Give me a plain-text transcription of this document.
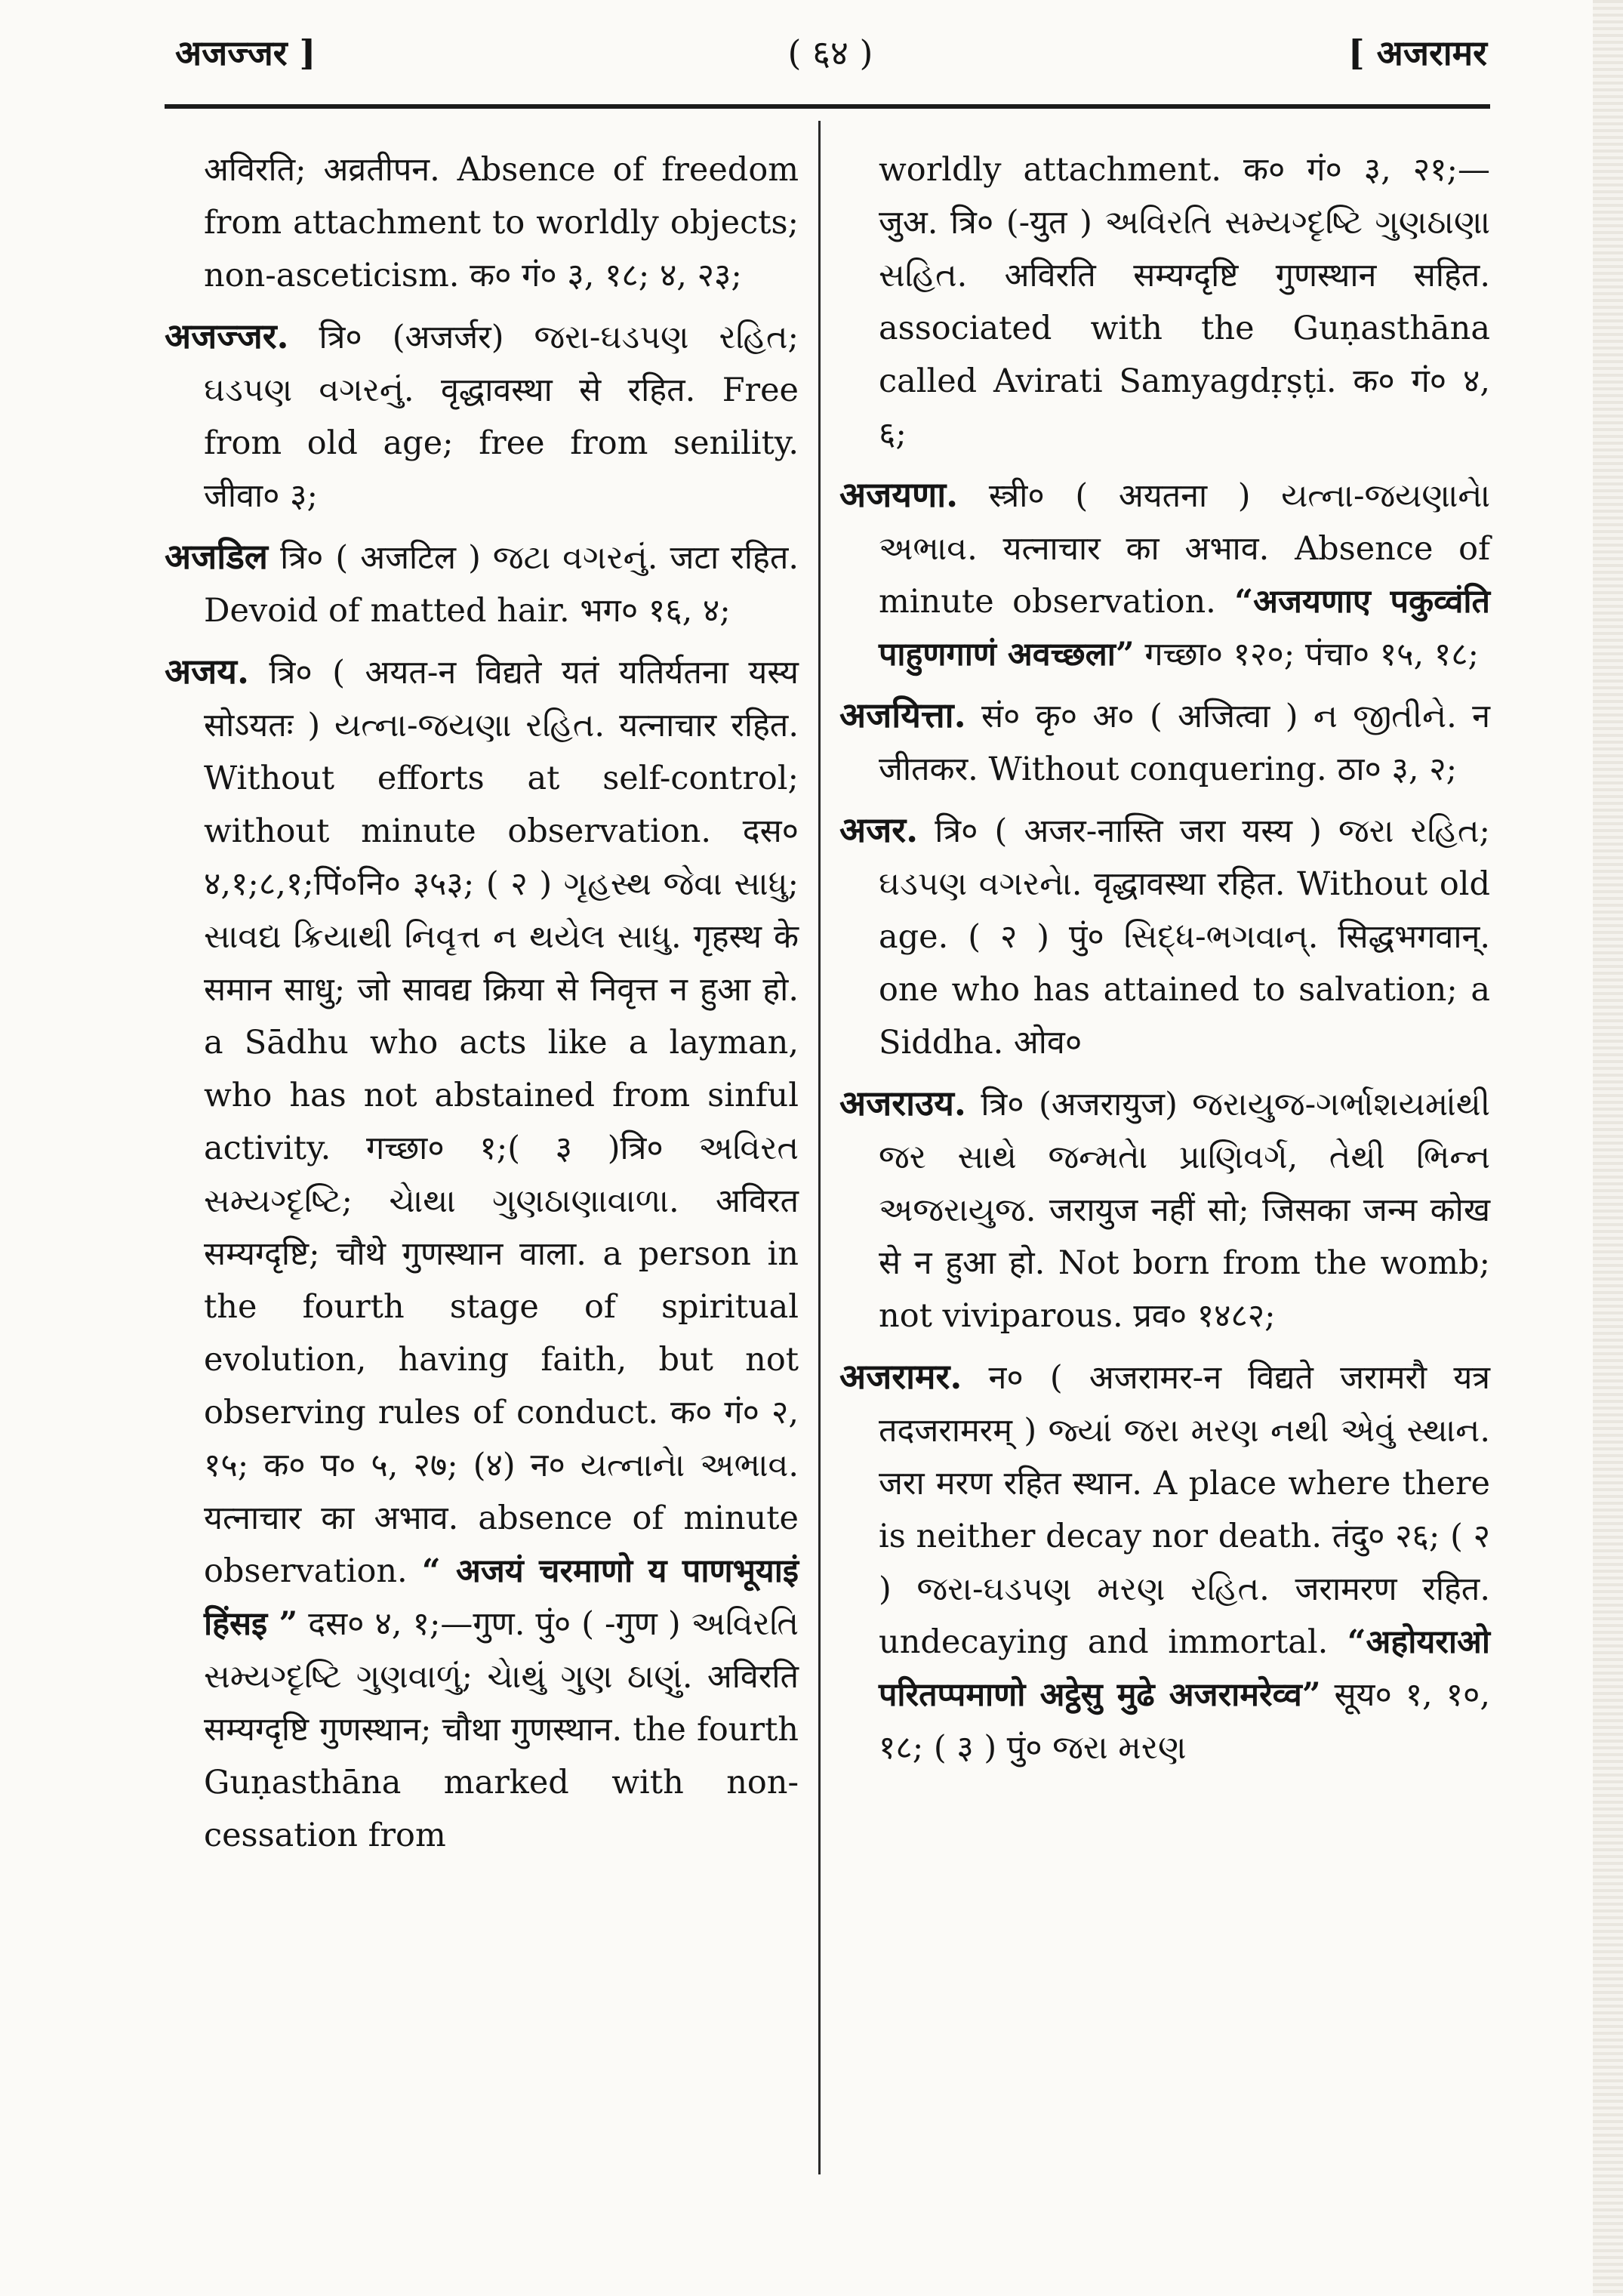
अजज्जर ]	( ६४ )	[ अजरामर

अविरति; अव्रतीपन. Absence of freedom from attachment to worldly objects; non-asceticism. क० गं० ३, १८; ४, २३;

अजज्जर. त्रि० (अजर्जर) જરા-ઘડપણ રહિત; ઘડપણ વગરનું. वृद्धावस्था से रहित. Free from old age; free from senility. जीवा० ३;

अजडिल त्रि० ( अजटिल ) જટા વગરનું. जटा रहित. Devoid of matted hair. भग० १६, ४;

अजय. त्रि० ( अयत-न विद्यते यतं यतिर्यतना यस्य सोऽयतः ) યત્ના-જયણા રહિત. यत्नाचार रहित. Without efforts at self-control; without minute observation. दस० ४,१;८,१;पिं०नि० ३५३; ( २ ) ગૃહસ્થ જેવા સાધુ; સાવદ્ય ક્રિયાથી નિવૃત્ત ન થયેલ સાધુ. गृहस्थ के समान साधु; जो सावद्य क्रिया से निवृत्त न हुआ हो. a Sādhu who acts like a layman, who has not abstained from sinful activity. गच्छा० १;( ३ )त्रि० અવિરત સમ્યગ્દૃષ્ટિ; ચેાથા ગુણઠાણાવાળા. अविरत सम्यग्दृष्टि; चौथे गुणस्थान वाला. a person in the fourth stage of spiritual evolution, having faith, but not observing rules of conduct. क० गं० २, १५; क० प० ५, २७; (४) न० યત્નાનેા અભાવ. यत्नाचार का अभाव. absence of minute observation. “ अजयं चरमाणो य पाणभूयाइं हिंसइ ” दस० ४, १;—गुण. पुं० ( -गुण ) અવિરતિ સમ્યગ્દૃષ્ટિ ગુણવાળું; ચેાથું ગુણ ઠાણું. अविरति सम्यग्दृष्टि गुणस्थान; चौथा गुणस्थान. the fourth Guṇasthāna marked with non-cessation from

worldly attachment. क० गं० ३, २१;—जुअ. त्रि० (-युत ) અવિરતિ સમ્યગ્દૃષ્ટિ ગુણઠાણા સહિત. अविरति सम्यग्दृष्टि गुणस्थान सहित. associated with the Guṇasthāna called Avirati Samyagdṛṣṭi. क० गं० ४, ६;

अजयणा. स्त्री० ( अयतना ) યત્ના-જયણાનેા અભાવ. यत्नाचार का अभाव. Absence of minute observation. “अजयणाए पकुव्वंति पाहुणगाणं अवच्छला” गच्छा० १२०; पंचा० १५, १८;

अजयित्ता. सं० कृ० अ० ( अजित्वा ) ન જીતીને. न जीतकर. Without conquering. ठा० ३, २;

अजर. त्रि० ( अजर-नास्ति जरा यस्य ) જરા રહિત; ઘડપણ વગરનેા. वृद्धावस्था रहित. Without old age. ( २ ) पुं० સિદ્ધ-ભગવાન્. सिद्धभगवान्. one who has attained to salvation; a Siddha. ओव०

अजराउय. त्रि० (अजरायुज) જરાયુજ-ગર્ભાશયમાંથી જર સાથે જન્મતેા પ્રાણિવર્ગ, તેથી ભિન્ન અજરાયુજ. जरायुज नहीं सो; जिसका जन्म कोख से न हुआ हो. Not born from the womb; not viviparous. प्रव० १४८२;

अजरामर. न० ( अजरामर-न विद्यते जरामरौ यत्र तदजरामरम् ) જ્યાં જરા મરણ નથી એવું સ્થાન. जरा मरण रहित स्थान. A place where there is neither decay nor death. तंदु० २६; ( २ ) જરા-ઘડપણ મરણ રહિત. जरामरण रहित. undecaying and immortal. “अहोयराओ परितप्पमाणो अट्ठेसु मुढे अजरामरेव्व” सूय० १, १०, १८; ( ३ ) पुं० જરા મરણ
